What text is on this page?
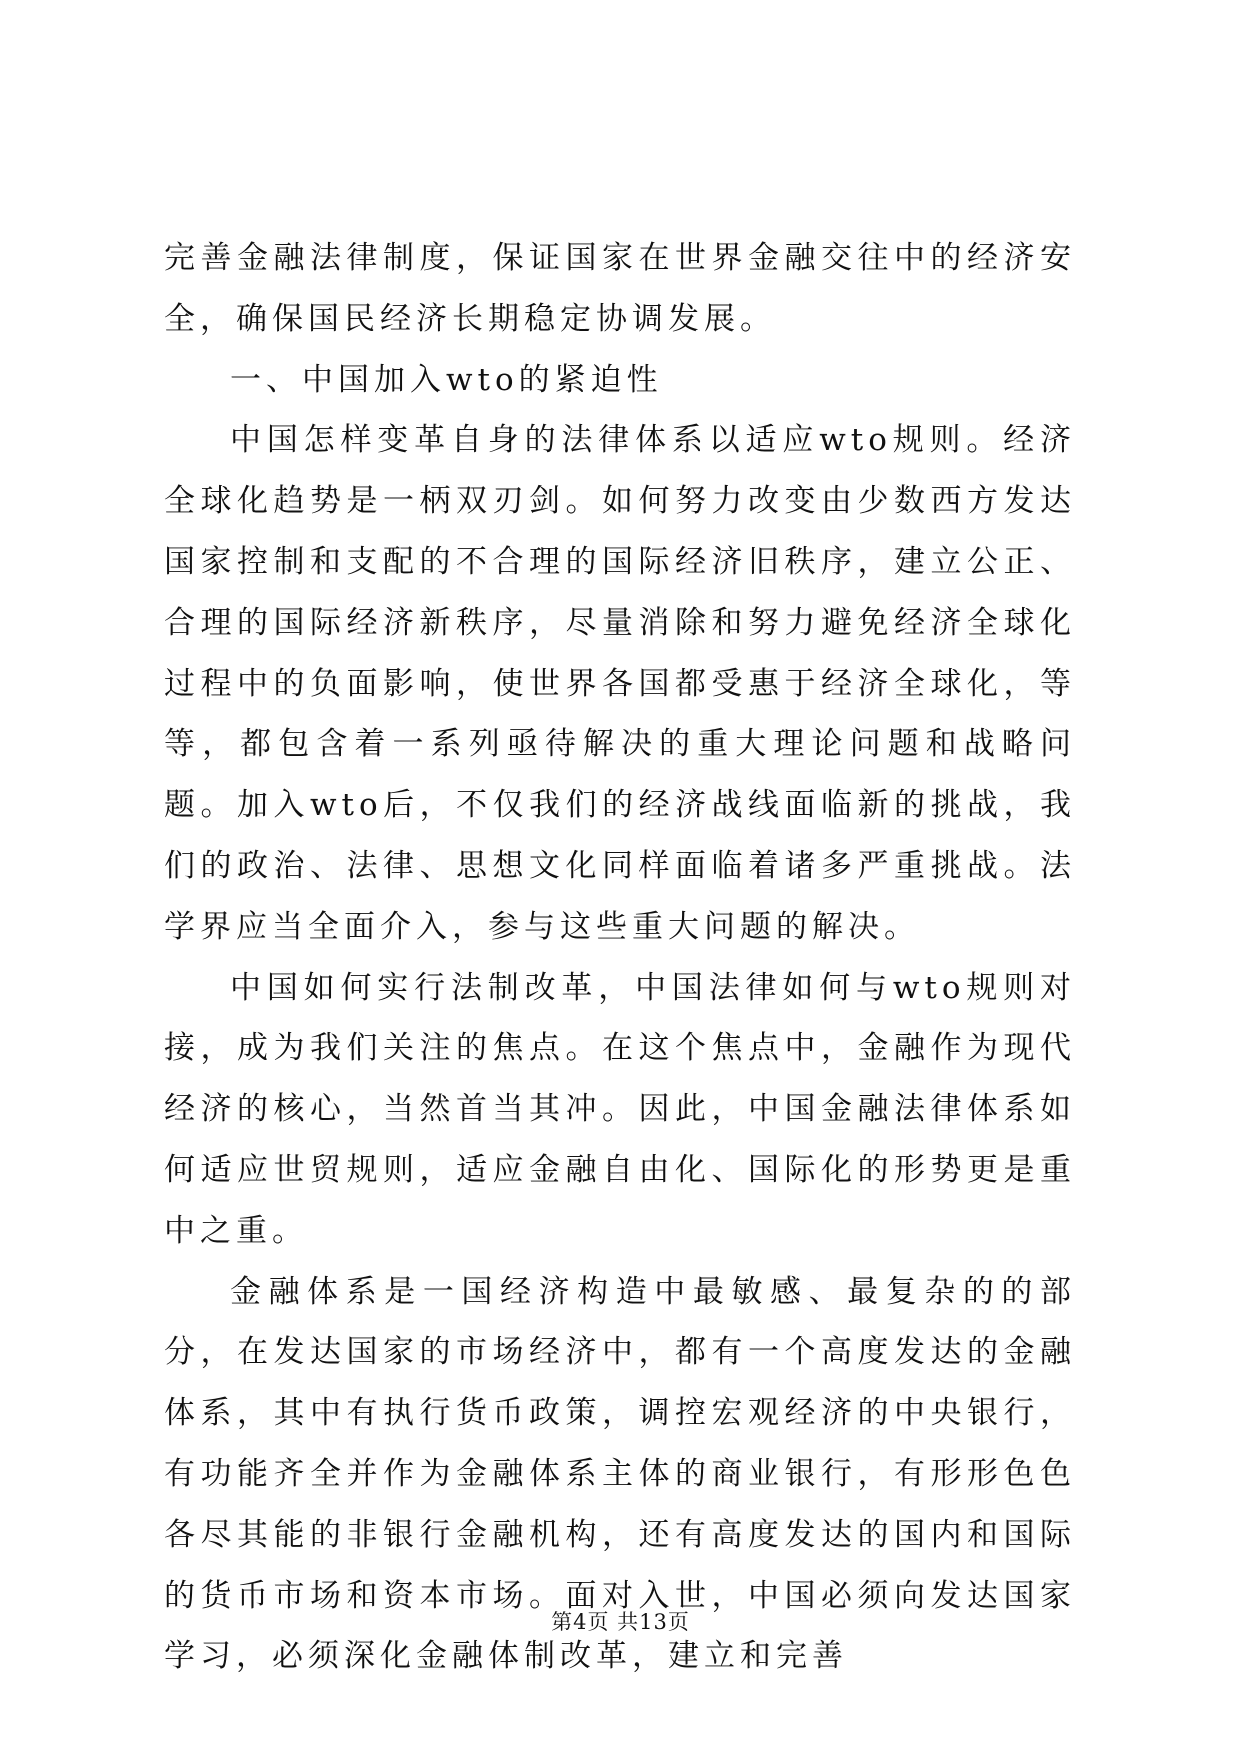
完善金融法律制度，保证国家在世界金融交往中的经济安全，确保国民经济长期稳定协调发展。

一、中国加入wto的紧迫性

中国怎样变革自身的法律体系以适应wto规则。经济全球化趋势是一柄双刃剑。如何努力改变由少数西方发达国家控制和支配的不合理的国际经济旧秩序，建立公正、合理的国际经济新秩序，尽量消除和努力避免经济全球化过程中的负面影响，使世界各国都受惠于经济全球化，等等，都包含着一系列亟待解决的重大理论问题和战略问题。加入wto后，不仅我们的经济战线面临新的挑战，我们的政治、法律、思想文化同样面临着诸多严重挑战。法学界应当全面介入，参与这些重大问题的解决。

中国如何实行法制改革，中国法律如何与wto规则对接，成为我们关注的焦点。在这个焦点中，金融作为现代经济的核心，当然首当其冲。因此，中国金融法律体系如何适应世贸规则，适应金融自由化、国际化的形势更是重中之重。

金融体系是一国经济构造中最敏感、最复杂的的部分，在发达国家的市场经济中，都有一个高度发达的金融体系，其中有执行货币政策，调控宏观经济的中央银行，有功能齐全并作为金融体系主体的商业银行，有形形色色各尽其能的非银行金融机构，还有高度发达的国内和国际的货币市场和资本市场。面对入世，中国必须向发达国家学习，必须深化金融体制改革，建立和完善

第4页 共13页
